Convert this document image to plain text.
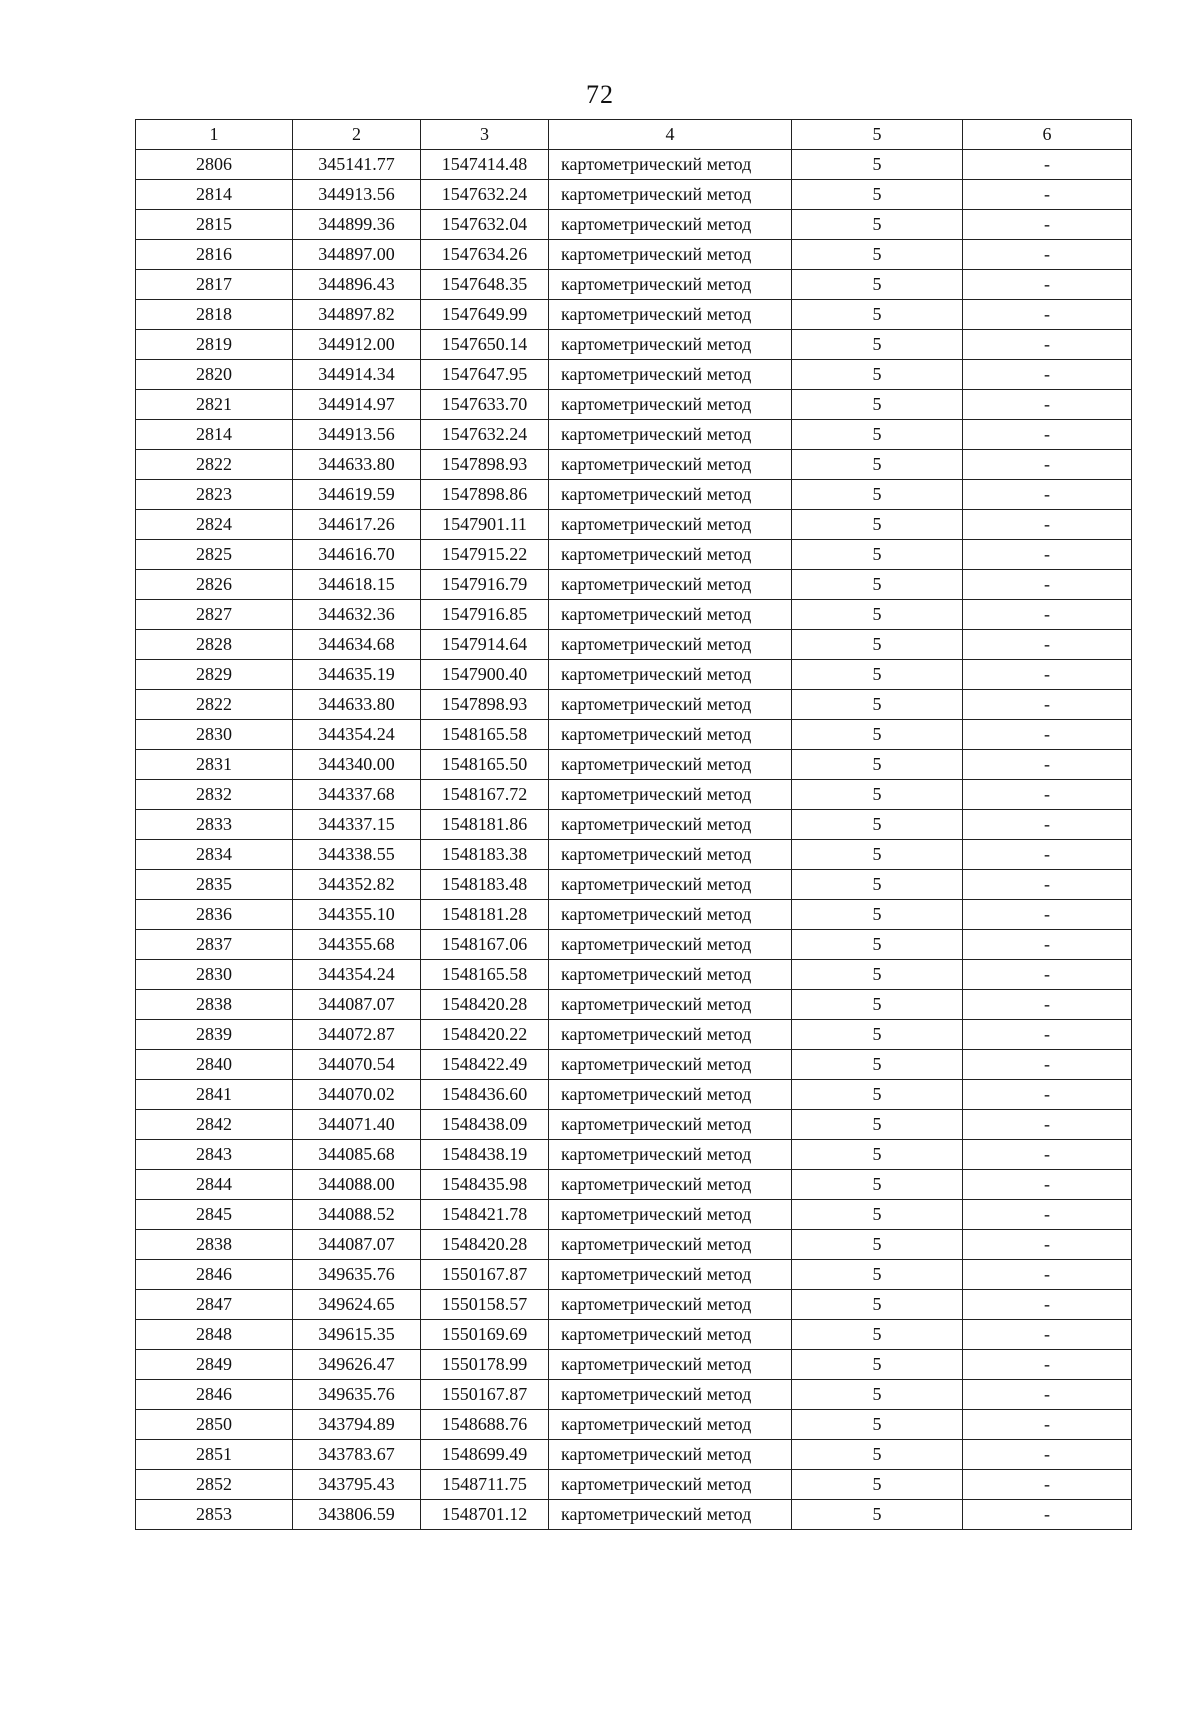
72
1	2	3	4	5	6
2806	345141.77	1547414.48	картометрический метод	5	-
2814	344913.56	1547632.24	картометрический метод	5	-
2815	344899.36	1547632.04	картометрический метод	5	-
2816	344897.00	1547634.26	картометрический метод	5	-
2817	344896.43	1547648.35	картометрический метод	5	-
2818	344897.82	1547649.99	картометрический метод	5	-
2819	344912.00	1547650.14	картометрический метод	5	-
2820	344914.34	1547647.95	картометрический метод	5	-
2821	344914.97	1547633.70	картометрический метод	5	-
2814	344913.56	1547632.24	картометрический метод	5	-
2822	344633.80	1547898.93	картометрический метод	5	-
2823	344619.59	1547898.86	картометрический метод	5	-
2824	344617.26	1547901.11	картометрический метод	5	-
2825	344616.70	1547915.22	картометрический метод	5	-
2826	344618.15	1547916.79	картометрический метод	5	-
2827	344632.36	1547916.85	картометрический метод	5	-
2828	344634.68	1547914.64	картометрический метод	5	-
2829	344635.19	1547900.40	картометрический метод	5	-
2822	344633.80	1547898.93	картометрический метод	5	-
2830	344354.24	1548165.58	картометрический метод	5	-
2831	344340.00	1548165.50	картометрический метод	5	-
2832	344337.68	1548167.72	картометрический метод	5	-
2833	344337.15	1548181.86	картометрический метод	5	-
2834	344338.55	1548183.38	картометрический метод	5	-
2835	344352.82	1548183.48	картометрический метод	5	-
2836	344355.10	1548181.28	картометрический метод	5	-
2837	344355.68	1548167.06	картометрический метод	5	-
2830	344354.24	1548165.58	картометрический метод	5	-
2838	344087.07	1548420.28	картометрический метод	5	-
2839	344072.87	1548420.22	картометрический метод	5	-
2840	344070.54	1548422.49	картометрический метод	5	-
2841	344070.02	1548436.60	картометрический метод	5	-
2842	344071.40	1548438.09	картометрический метод	5	-
2843	344085.68	1548438.19	картометрический метод	5	-
2844	344088.00	1548435.98	картометрический метод	5	-
2845	344088.52	1548421.78	картометрический метод	5	-
2838	344087.07	1548420.28	картометрический метод	5	-
2846	349635.76	1550167.87	картометрический метод	5	-
2847	349624.65	1550158.57	картометрический метод	5	-
2848	349615.35	1550169.69	картометрический метод	5	-
2849	349626.47	1550178.99	картометрический метод	5	-
2846	349635.76	1550167.87	картометрический метод	5	-
2850	343794.89	1548688.76	картометрический метод	5	-
2851	343783.67	1548699.49	картометрический метод	5	-
2852	343795.43	1548711.75	картометрический метод	5	-
2853	343806.59	1548701.12	картометрический метод	5	-
